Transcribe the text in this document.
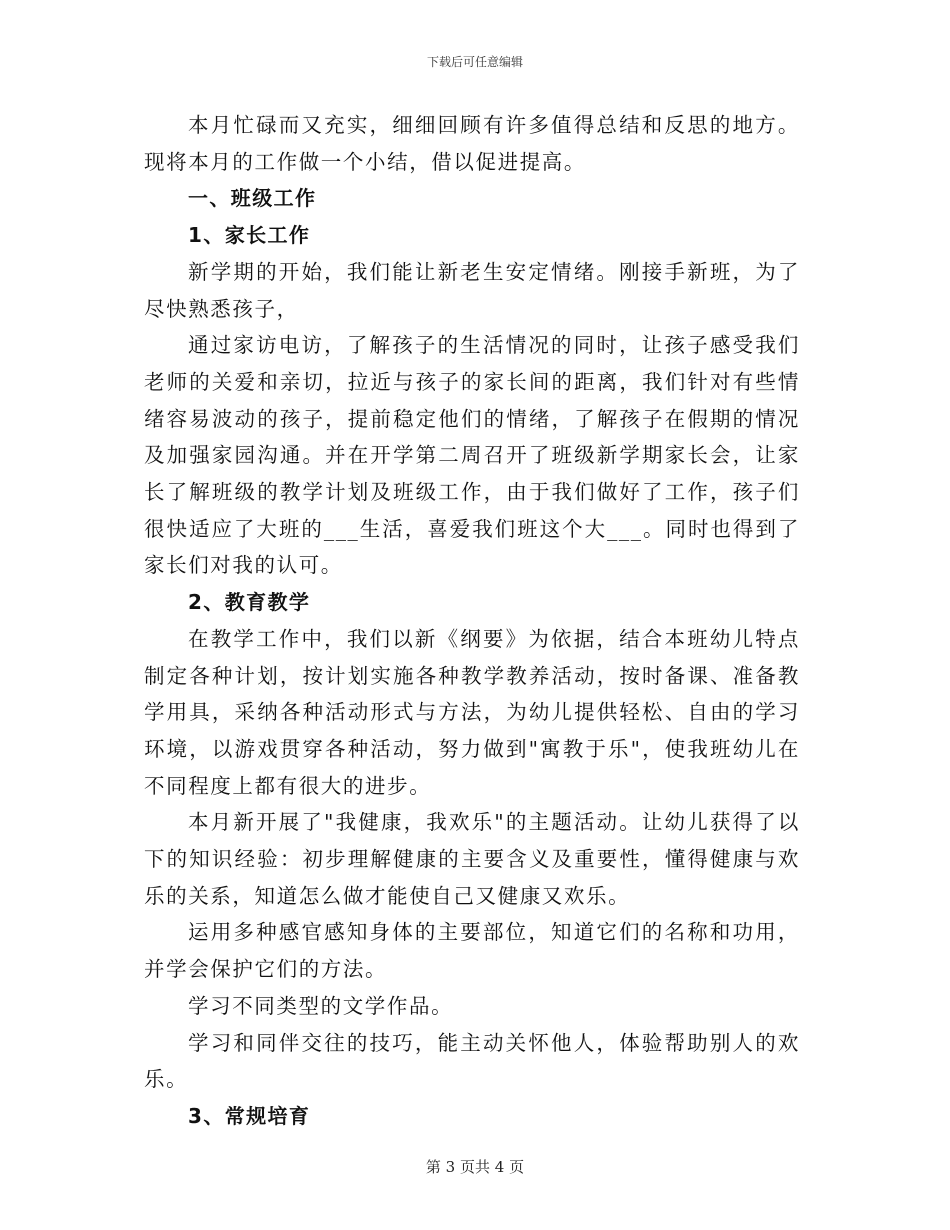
下载后可任意编辑

本月忙碌而又充实，细细回顾有许多值得总结和反思的地方。现将本月的工作做一个小结，借以促进提高。

一、班级工作

1、家长工作

新学期的开始，我们能让新老生安定情绪。刚接手新班，为了尽快熟悉孩子，

通过家访电访，了解孩子的生活情况的同时，让孩子感受我们老师的关爱和亲切，拉近与孩子的家长间的距离，我们针对有些情绪容易波动的孩子，提前稳定他们的情绪，了解孩子在假期的情况及加强家园沟通。并在开学第二周召开了班级新学期家长会，让家长了解班级的教学计划及班级工作，由于我们做好了工作，孩子们很快适应了大班的___生活，喜爱我们班这个大___。同时也得到了家长们对我的认可。

2、教育教学

在教学工作中，我们以新《纲要》为依据，结合本班幼儿特点制定各种计划，按计划实施各种教学教养活动，按时备课、准备教学用具，采纳各种活动形式与方法，为幼儿提供轻松、自由的学习环境，以游戏贯穿各种活动，努力做到"寓教于乐"，使我班幼儿在不同程度上都有很大的进步。

本月新开展了"我健康，我欢乐"的主题活动。让幼儿获得了以下的知识经验：初步理解健康的主要含义及重要性，懂得健康与欢乐的关系，知道怎么做才能使自己又健康又欢乐。

运用多种感官感知身体的主要部位，知道它们的名称和功用，并学会保护它们的方法。

学习不同类型的文学作品。

学习和同伴交往的技巧，能主动关怀他人，体验帮助别人的欢乐。

3、常规培育

第 3 页共 4 页
